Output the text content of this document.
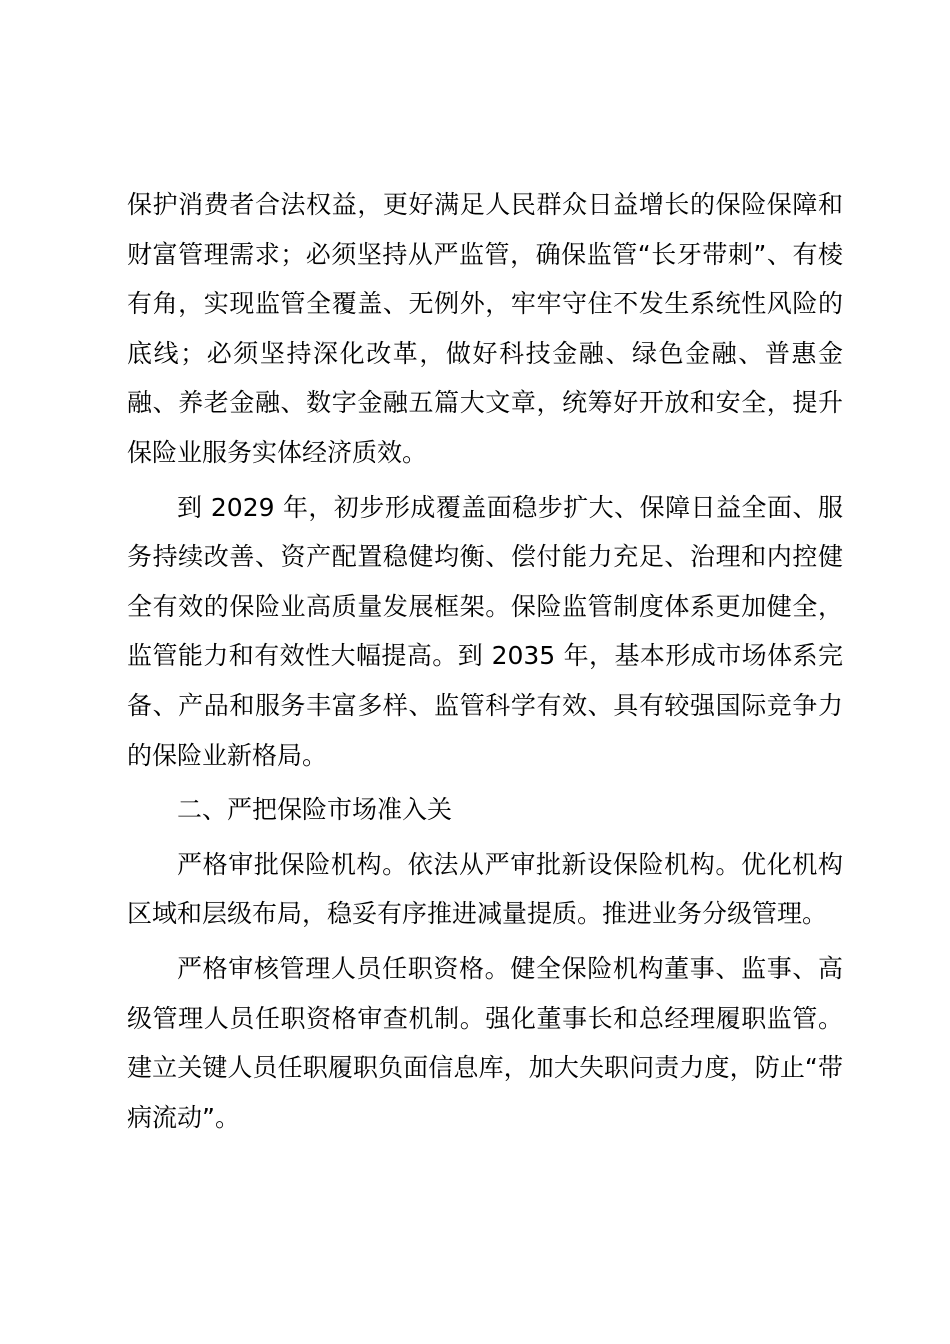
保护消费者合法权益，更好满足人民群众日益增长的保险保障和财富管理需求；必须坚持从严监管，确保监管“长牙带刺”、有棱有角，实现监管全覆盖、无例外，牢牢守住不发生系统性风险的底线；必须坚持深化改革，做好科技金融、绿色金融、普惠金融、养老金融、数字金融五篇大文章，统筹好开放和安全，提升保险业服务实体经济质效。

到 2029 年，初步形成覆盖面稳步扩大、保障日益全面、服务持续改善、资产配置稳健均衡、偿付能力充足、治理和内控健全有效的保险业高质量发展框架。保险监管制度体系更加健全，监管能力和有效性大幅提高。到 2035 年，基本形成市场体系完备、产品和服务丰富多样、监管科学有效、具有较强国际竞争力的保险业新格局。

二、严把保险市场准入关

严格审批保险机构。依法从严审批新设保险机构。优化机构区域和层级布局，稳妥有序推进减量提质。推进业务分级管理。

严格审核管理人员任职资格。健全保险机构董事、监事、高级管理人员任职资格审查机制。强化董事长和总经理履职监管。建立关键人员任职履职负面信息库，加大失职问责力度，防止“带病流动”。
